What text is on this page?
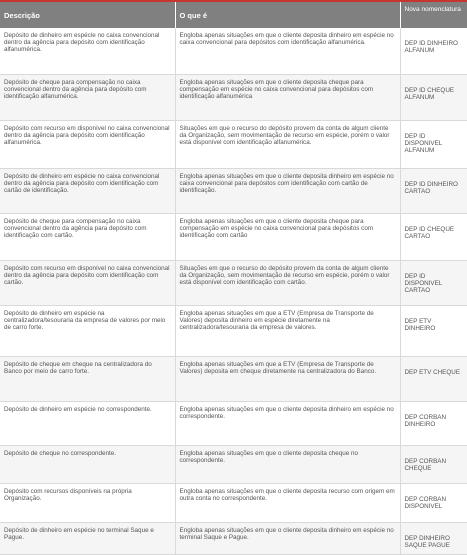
Descrição	O que é	Nova nomenclatura
Depósito de dinheiro em espécie no caixa convencional dentro da agência para depósito com identificação alfanumérica.	Engloba apenas situações em que o cliente deposita dinheiro em espécie no caixa convencional para depósitos com identificação alfanumérica.	DEP ID DINHEIRO ALFANUM
Depósito de cheque para compensação no caixa convencional dentro da agência para depósito com identificação alfanumérica.	Engloba apenas situações em que o cliente deposita cheque para compensação em espécie no caixa convencional para depósitos com identificação alfanumérica	DEP ID CHEQUE ALFANUM
Depósito com recurso em disponível no caixa convencional dentro da agência para depósito com identificação alfanumérica.	Situações em que o recurso do depósito provem da conta de algum cliente da Organização, sem movimentação de recurso em espécie, porém o valor está disponível com identificação alfanumérica.	DEP ID DISPONIVEL ALFANUM
Depósito de dinheiro em espécie no caixa convencional dentro da agência para depósito com identificação com cartão de identificação.	Engloba apenas situações em que o cliente deposita dinheiro em espécie no caixa convencional para depósitos com identificação com cartão de identificação.	DEP ID DINHEIRO CARTAO
Depósito de cheque para compensação no caixa convencional dentro da agência para depósito com identificação com cartão.	Engloba apenas situações em que o cliente deposita cheque para compensação em espécie no caixa convencional para depósitos com identificação com cartão	DEP ID CHEQUE CARTAO
Depósito com recurso em disponível no caixa convencional dentro da agência para depósito com identificação com cartão.	Situações em que o recurso do depósito provem da conta de algum cliente da Organização, sem movimentação de recurso em espécie, porém o valor está disponível com identificação com cartão.	DEP ID DISPONIVEL CARTAO
Depósito de dinheiro em espécie na centralizadora/tesouraria da empresa de valores por meio de carro forte.	Engloba apenas situações em que a ETV (Empresa de Transporte de Valores) deposita dinheiro em espécie diretamente na centralizadora/tesouraria da empresa de valores.	DEP ETV DINHEIRO
Depósito de cheque em cheque na centralizadora do Banco por meio de carro forte.	Engloba apenas situações em que a ETV (Empresa de Transporte de Valores) deposita em cheque diretamente na centralizadora do Banco.	DEP ETV CHEQUE
Depósito de dinheiro em espécie no correspondente.	Engloba apenas situações em que o cliente deposita dinheiro em espécie no correspondente.	DEP CORBAN DINHEIRO
Depósito de cheque no correspondente.	Engloba apenas situações em que o cliente deposita cheque no correspondente.	DEP CORBAN CHEQUE
Depósito com recursos disponíveis na própria Organização.	Engloba apenas situações em que o cliente deposita recurso com origem em outra conta no correspondente.	DEP CORBAN DISPONIVEL
Depósito de dinheiro em espécie no terminal Saque e Pague.	Engloba apenas situações em que o cliente deposita dinheiro em espécie no terminal Saque e Pague.	DEP DINHEIRO SAQUE PAGUE
